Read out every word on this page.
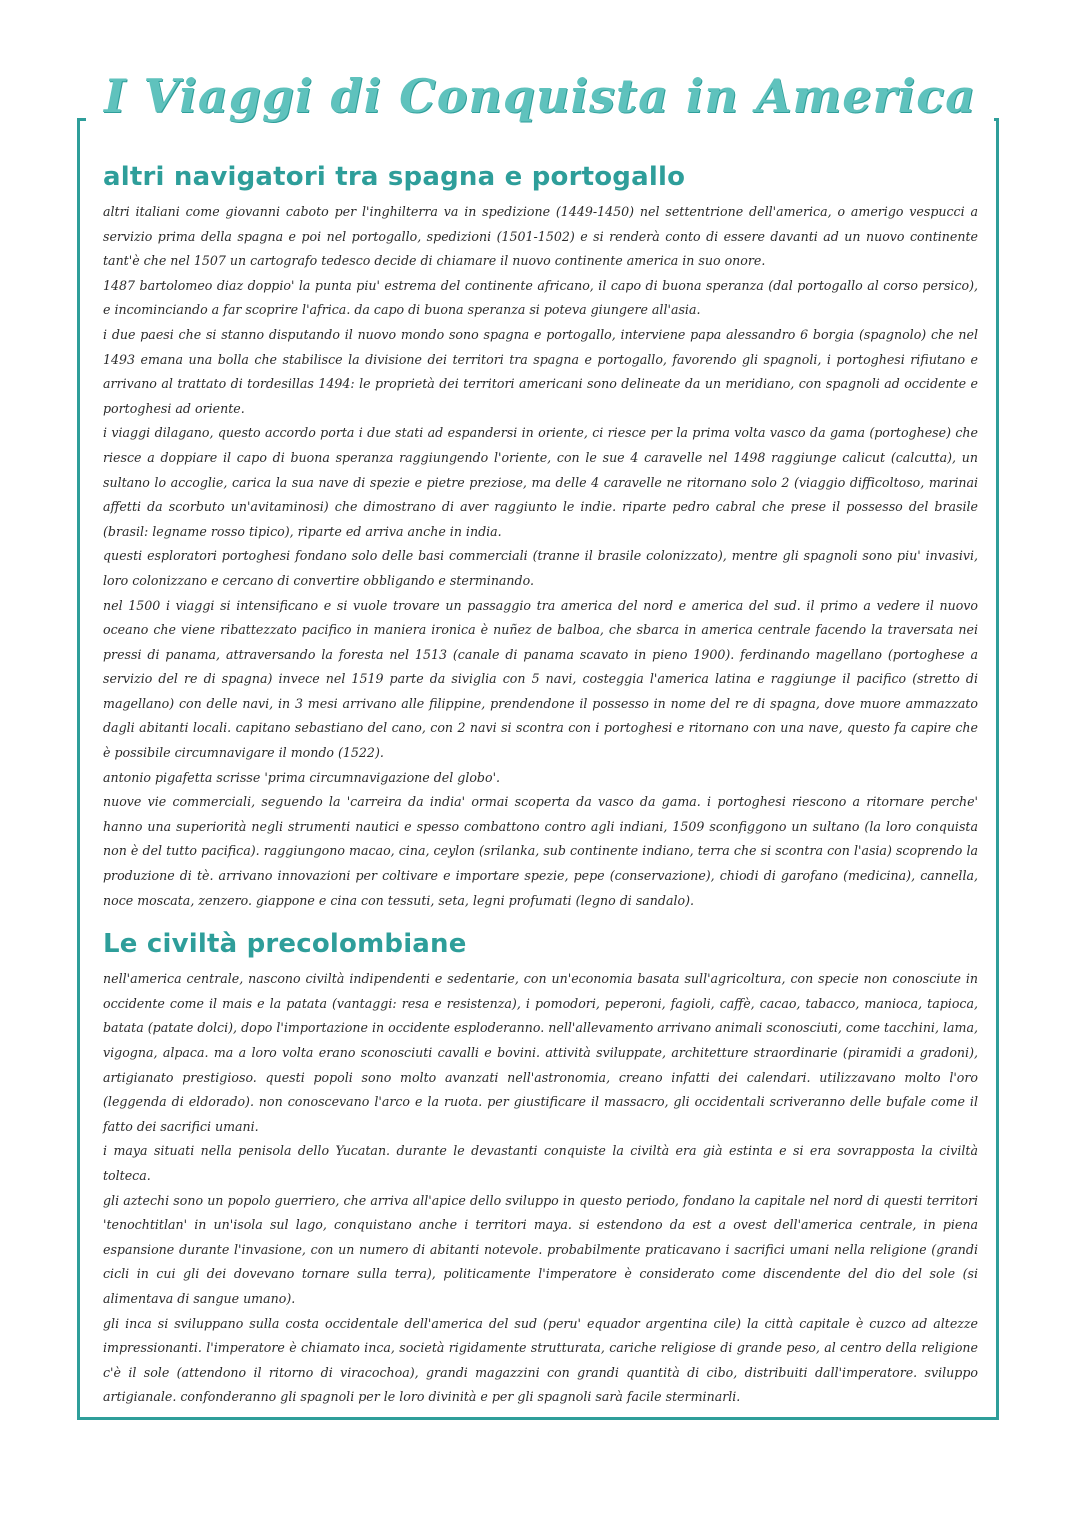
I Viaggi di Conquista in America
altri navigatori tra spagna e portogallo

altri italiani come giovanni caboto per l'inghilterra va in spedizione (1449-1450) nel settentrione dell'america, o amerigo vespucci a servizio prima della spagna e poi nel portogallo, spedizioni (1501-1502) e si renderà conto di essere davanti ad un nuovo continente tant'è che nel 1507 un cartografo tedesco decide di chiamare il nuovo continente america in suo onore.

1487 bartolomeo diaz doppio' la punta piu' estrema del continente africano, il capo di buona speranza (dal portogallo al corso persico), e incominciando a far scoprire l'africa. da capo di buona speranza si poteva giungere all'asia.

i due paesi che si stanno disputando il nuovo mondo sono spagna e portogallo, interviene papa alessandro 6 borgia (spagnolo) che nel 1493 emana una bolla che stabilisce la divisione dei territori tra spagna e portogallo, favorendo gli spagnoli, i portoghesi rifiutano e arrivano al trattato di tordesillas 1494: le proprietà dei territori americani sono delineate da un meridiano, con spagnoli ad occidente e portoghesi ad oriente.

i viaggi dilagano, questo accordo porta i due stati ad espandersi in oriente, ci riesce per la prima volta vasco da gama (portoghese) che riesce a doppiare il capo di buona speranza raggiungendo l'oriente, con le sue 4 caravelle nel 1498 raggiunge calicut (calcutta), un sultano lo accoglie, carica la sua nave di spezie e pietre preziose, ma delle 4 caravelle ne ritornano solo 2 (viaggio difficoltoso, marinai affetti da scorbuto un'avitaminosi) che dimostrano di aver raggiunto le indie. riparte pedro cabral che prese il possesso del brasile (brasil: legname rosso tipico), riparte ed arriva anche in india.

questi esploratori portoghesi fondano solo delle basi commerciali (tranne il brasile colonizzato), mentre gli spagnoli sono piu' invasivi, loro colonizzano e cercano di convertire obbligando e sterminando.

nel 1500 i viaggi si intensificano e si vuole trovare un passaggio tra america del nord e america del sud. il primo a vedere il nuovo oceano che viene ribattezzato pacifico in maniera ironica è nuñez de balboa, che sbarca in america centrale facendo la traversata nei pressi di panama, attraversando la foresta nel 1513 (canale di panama scavato in pieno 1900). ferdinando magellano (portoghese a servizio del re di spagna) invece nel 1519 parte da siviglia con 5 navi, costeggia l'america latina e raggiunge il pacifico (stretto di magellano) con delle navi, in 3 mesi arrivano alle filippine, prendendone il possesso in nome del re di spagna, dove muore ammazzato dagli abitanti locali. capitano sebastiano del cano, con 2 navi si scontra con i portoghesi e ritornano con una nave, questo fa capire che è possibile circumnavigare il mondo (1522).

antonio pigafetta scrisse 'prima circumnavigazione del globo'.

nuove vie commerciali, seguendo la 'carreira da india' ormai scoperta da vasco da gama. i portoghesi riescono a ritornare perche' hanno una superiorità negli strumenti nautici e spesso combattono contro agli indiani, 1509 sconfiggono un sultano (la loro conquista non è del tutto pacifica). raggiungono macao, cina, ceylon (srilanka, sub continente indiano, terra che si scontra con l'asia) scoprendo la produzione di tè. arrivano innovazioni per coltivare e importare spezie, pepe (conservazione), chiodi di garofano (medicina), cannella, noce moscata, zenzero. giappone e cina con tessuti, seta, legni profumati (legno di sandalo).

Le civiltà precolombiane

nell'america centrale, nascono civiltà indipendenti e sedentarie, con un'economia basata sull'agricoltura, con specie non conosciute in occidente come il mais e la patata (vantaggi: resa e resistenza), i pomodori, peperoni, fagioli, caffè, cacao, tabacco, manioca, tapioca, batata (patate dolci), dopo l'importazione in occidente esploderanno. nell'allevamento arrivano animali sconosciuti, come tacchini, lama, vigogna, alpaca. ma a loro volta erano sconosciuti cavalli e bovini. attività sviluppate, architetture straordinarie (piramidi a gradoni), artigianato prestigioso. questi popoli sono molto avanzati nell'astronomia, creano infatti dei calendari. utilizzavano molto l'oro (leggenda di eldorado). non conoscevano l'arco e la ruota. per giustificare il massacro, gli occidentali scriveranno delle bufale come il fatto dei sacrifici umani.

i maya situati nella penisola dello Yucatan. durante le devastanti conquiste la civiltà era già estinta e si era sovrapposta la civiltà tolteca.

gli aztechi sono un popolo guerriero, che arriva all'apice dello sviluppo in questo periodo, fondano la capitale nel nord di questi territori 'tenochtitlan' in un'isola sul lago, conquistano anche i territori maya. si estendono da est a ovest dell'america centrale, in piena espansione durante l'invasione, con un numero di abitanti notevole. probabilmente praticavano i sacrifici umani nella religione (grandi cicli in cui gli dei dovevano tornare sulla terra), politicamente l'imperatore è considerato come discendente del dio del sole (si alimentava di sangue umano).

gli inca si sviluppano sulla costa occidentale dell'america del sud (peru' equador argentina cile) la città capitale è cuzco ad altezze impressionanti. l'imperatore è chiamato inca, società rigidamente strutturata, cariche religiose di grande peso, al centro della religione c'è il sole (attendono il ritorno di viracochoa), grandi magazzini con grandi quantità di cibo, distribuiti dall'imperatore. sviluppo artigianale. confonderanno gli spagnoli per le loro divinità e per gli spagnoli sarà facile sterminarli.
